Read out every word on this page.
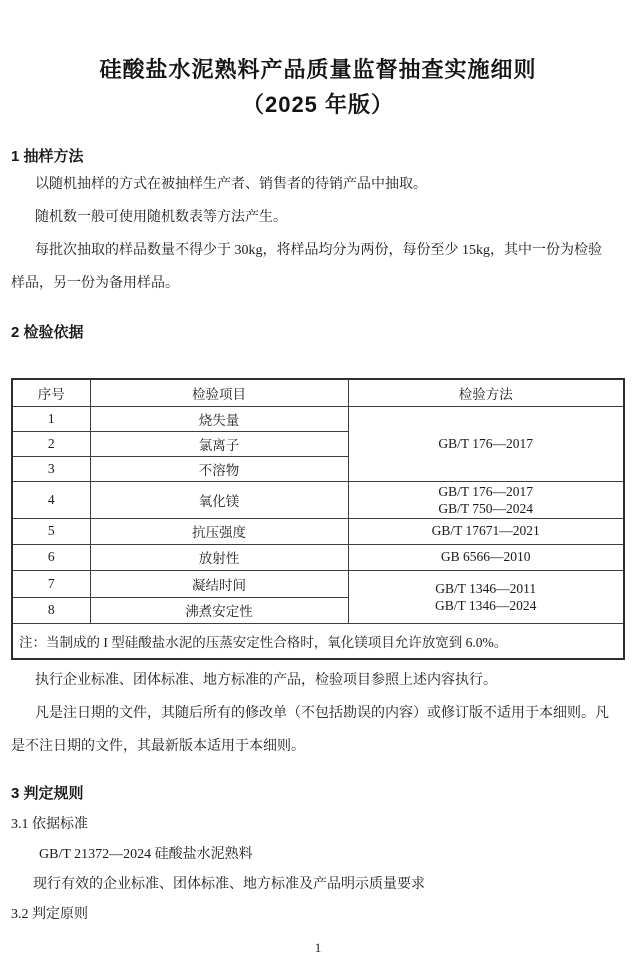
硅酸盐水泥熟料产品质量监督抽查实施细则
（2025 年版）
1 抽样方法
以随机抽样的方式在被抽样生产者、销售者的待销产品中抽取。
随机数一般可使用随机数表等方法产生。
每批次抽取的样品数量不得少于 30kg，将样品均分为两份，每份至少 15kg，其中一份为检验
样品，另一份为备用样品。
2 检验依据
序号	检验项目	检验方法
1	烧失量	GB/T 176—2017
2	氯离子	
3	不溶物	
4	氧化镁	GB/T 176—2017
GB/T 750—2024

5	抗压强度	GB/T 17671—2021
6	放射性	GB 6566—2010
7	凝结时间	GB/T 1346—2011
GB/T 1346—2024

8	沸煮安定性	
注：当制成的 I 型硅酸盐水泥的压蒸安定性合格时，氧化镁项目允许放宽到 6.0%。		
执行企业标准、团体标准、地方标准的产品，检验项目参照上述内容执行。
凡是注日期的文件，其随后所有的修改单（不包括勘误的内容）或修订版不适用于本细则。凡
是不注日期的文件，其最新版本适用于本细则。
3 判定规则
3.1 依据标准
GB/T 21372—2024 硅酸盐水泥熟料
现行有效的企业标准、团体标准、地方标准及产品明示质量要求
3.2 判定原则
1
